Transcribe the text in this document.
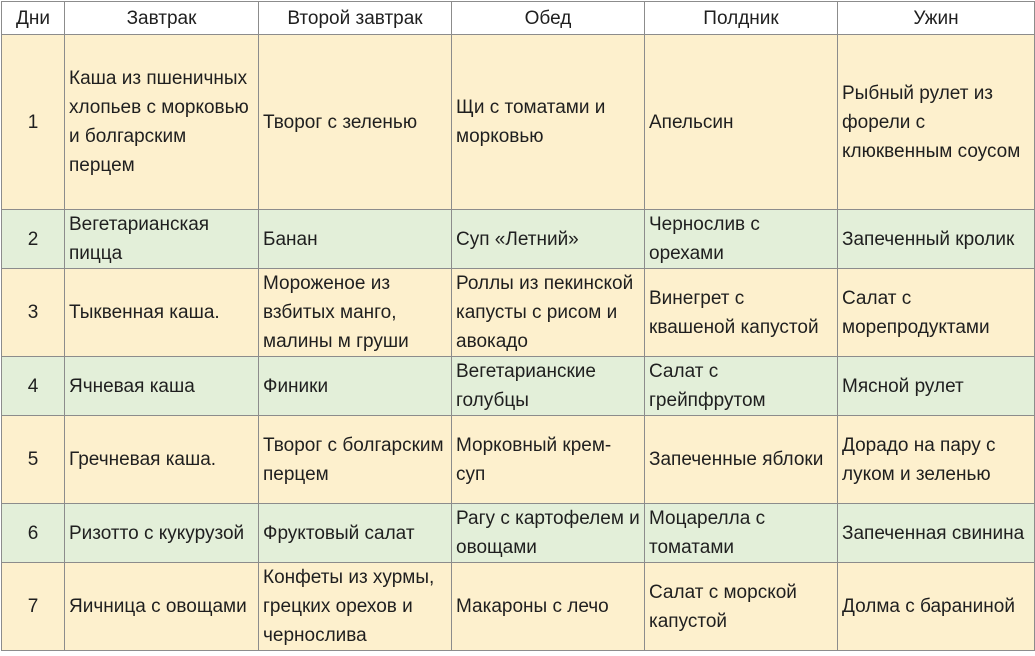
Дни	Завтрак	Второй завтрак	Обед	Полдник	Ужин
1	Каша из пшеничных хлопьев с морковью и болгарским перцем	Творог с зеленью	Щи с томатами и морковью	Апельсин	Рыбный рулет из форели с клюквенным соусом
2	Вегетарианская пицца	Банан	Суп «Летний»	Чернослив с орехами	Запеченный кролик
3	Тыквенная каша.	Мороженое из взбитых манго, малины м груши	Роллы из пекинской капусты с рисом и авокадо	Винегрет с квашеной капустой	Салат с морепродуктами
4	Ячневая каша	Финики	Вегетарианские голубцы	Салат с грейпфрутом	Мясной рулет
5	Гречневая каша.	Творог с болгарским перцем	Морковный крем-суп	Запеченные яблоки	Дорадо на пару с луком и зеленью
6	Ризотто с кукурузой	Фруктовый салат	Рагу с картофелем и овощами	Моцарелла с томатами	Запеченная свинина
7	Яичница с овощами	Конфеты из хурмы, грецких орехов и чернослива	Макароны с лечо	Салат с морской капустой	Долма с бараниной
